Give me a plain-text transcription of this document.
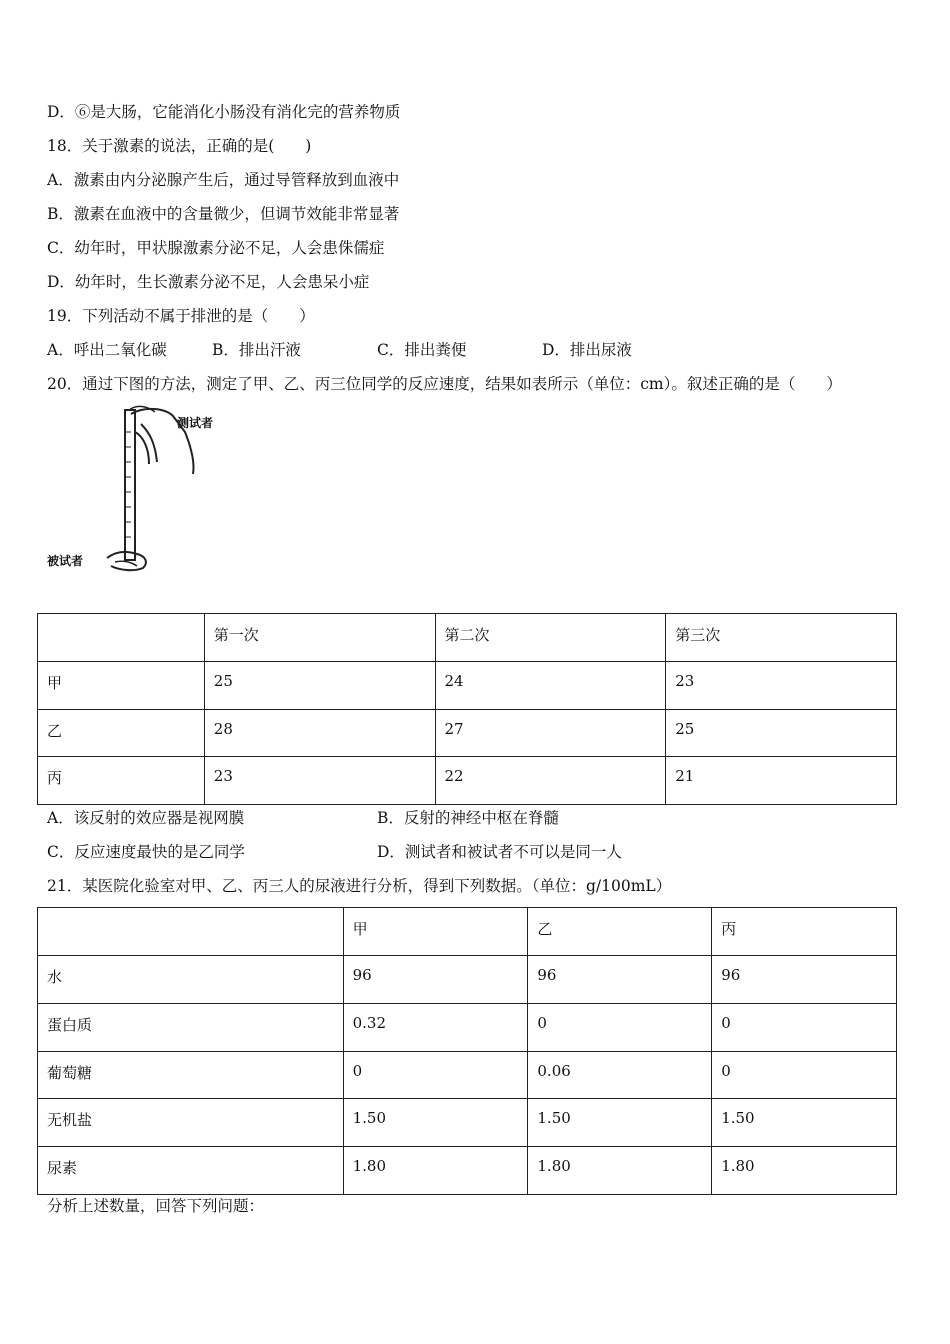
D．⑥是大肠，它能消化小肠没有消化完的营养物质
18．关于激素的说法，正确的是(　　)
A．激素由内分泌腺产生后，通过导管释放到血液中
B．激素在血液中的含量微少，但调节效能非常显著
C．幼年时，甲状腺激素分泌不足，人会患侏儒症
D．幼年时，生长激素分泌不足，人会患呆小症
19．下列活动不属于排泄的是（　　）
A．呼出二氧化碳	B．排出汗液	C．排出粪便	D．排出尿液
20．通过下图的方法，测定了甲、乙、丙三位同学的反应速度，结果如表所示（单位：cm）。叙述正确的是（　　）
测试者
被试者
	第一次	第二次	第三次
甲	25	24	23
乙	28	27	25
丙	23	22	21
A．该反射的效应器是视网膜	B．反射的神经中枢在脊髓
C．反应速度最快的是乙同学	D．测试者和被试者不可以是同一人
21．某医院化验室对甲、乙、丙三人的尿液进行分析，得到下列数据。（单位：g/100mL）
	甲	乙	丙
水	96	96	96
蛋白质	0.32	0	0
葡萄糖	0	0.06	0
无机盐	1.50	1.50	1.50
尿素	1.80	1.80	1.80
分析上述数量，回答下列问题：
